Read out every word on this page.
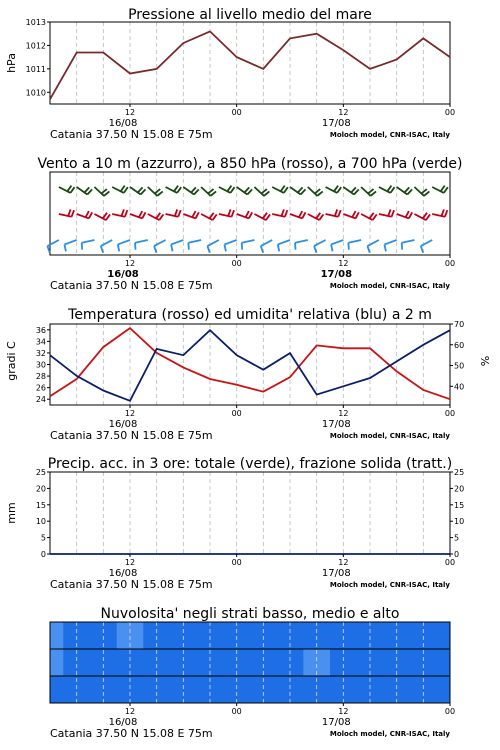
Pressione al livello medio del mare
hPa
1010
1011
1012
1013
12	00	12	00
16/08	17/08
Catania 37.50 N 15.08 E 75m	Moloch model, CNR-ISAC, Italy
Vento a 10 m (azzurro), a 850 hPa (rosso), a 700 hPa (verde)
12	00	12	00
16/08	17/08
Catania 37.50 N 15.08 E 75m	Moloch model, CNR-ISAC, Italy
Temperatura (rosso) ed umidita' relativa (blu) a 2 m
gradi C	%
24
26
28
30
32
34
36
40
50
60
70
12	00	12	00
16/08	17/08
Catania 37.50 N 15.08 E 75m	Moloch model, CNR-ISAC, Italy
Precip. acc. in 3 ore: totale (verde), frazione solida (tratt.)
mm
0
5
10
15
20
25
0
5
10
15
20
25
12	00	12	00
16/08	17/08
Catania 37.50 N 15.08 E 75m	Moloch model, CNR-ISAC, Italy
Nuvolosita' negli strati basso, medio e alto
12	00	12	00
16/08	17/08
Catania 37.50 N 15.08 E 75m	Moloch model, CNR-ISAC, Italy
